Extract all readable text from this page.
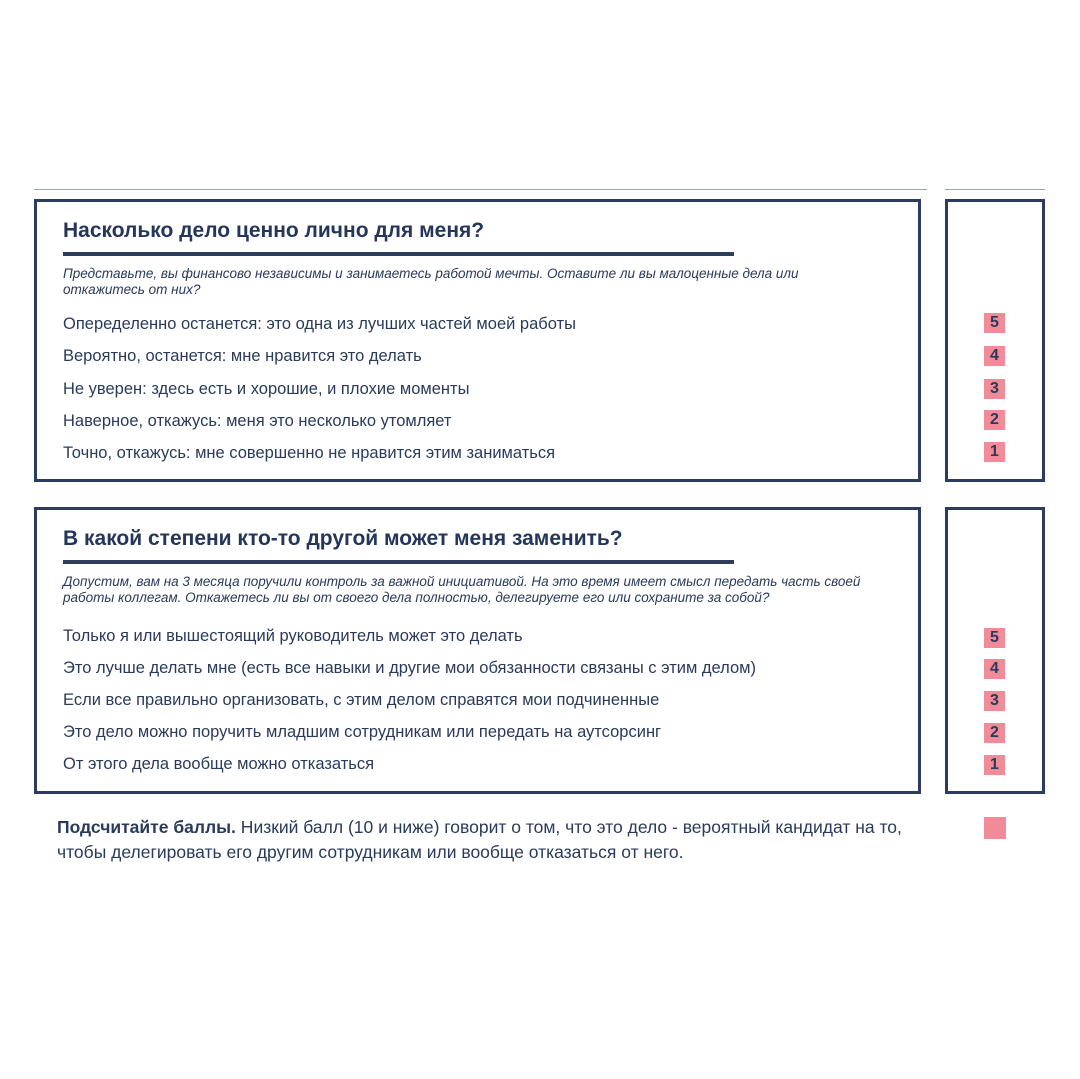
Насколько дело ценно лично для меня?
Представьте, вы финансово независимы и занимаетесь работой мечты. Оставите ли вы малоценные дела или откажитесь от них?
Опеределенно останется: это одна из лучших частей моей работы
Вероятно, останется: мне нравится это делать
Не уверен: здесь есть и хорошие, и плохие моменты
Наверное, откажусь: меня это несколько утомляет
Точно, откажусь: мне совершенно не нравится этим заниматься
5
4
3
2
1
В какой степени кто-то другой может меня заменить?
Допустим, вам на 3 месяца поручили контроль за важной инициативой. На это время имеет смысл передать часть своей работы коллегам. Откажетесь ли вы от своего дела полностью, делегируете его или сохраните за собой?
Только я или вышестоящий руководитель может это делать
Это лучше делать мне (есть все навыки и другие мои обязанности связаны с этим делом)
Если все правильно организовать, с этим делом справятся мои подчиненные
Это дело можно поручить младшим сотрудникам или передать на аутсорсинг
От этого дела вообще можно отказаться
5
4
3
2
1
Подсчитайте баллы. Низкий балл (10 и ниже) говорит о том, что это дело - вероятный кандидат на то, чтобы делегировать его другим сотрудникам или вообще отказаться от него.
